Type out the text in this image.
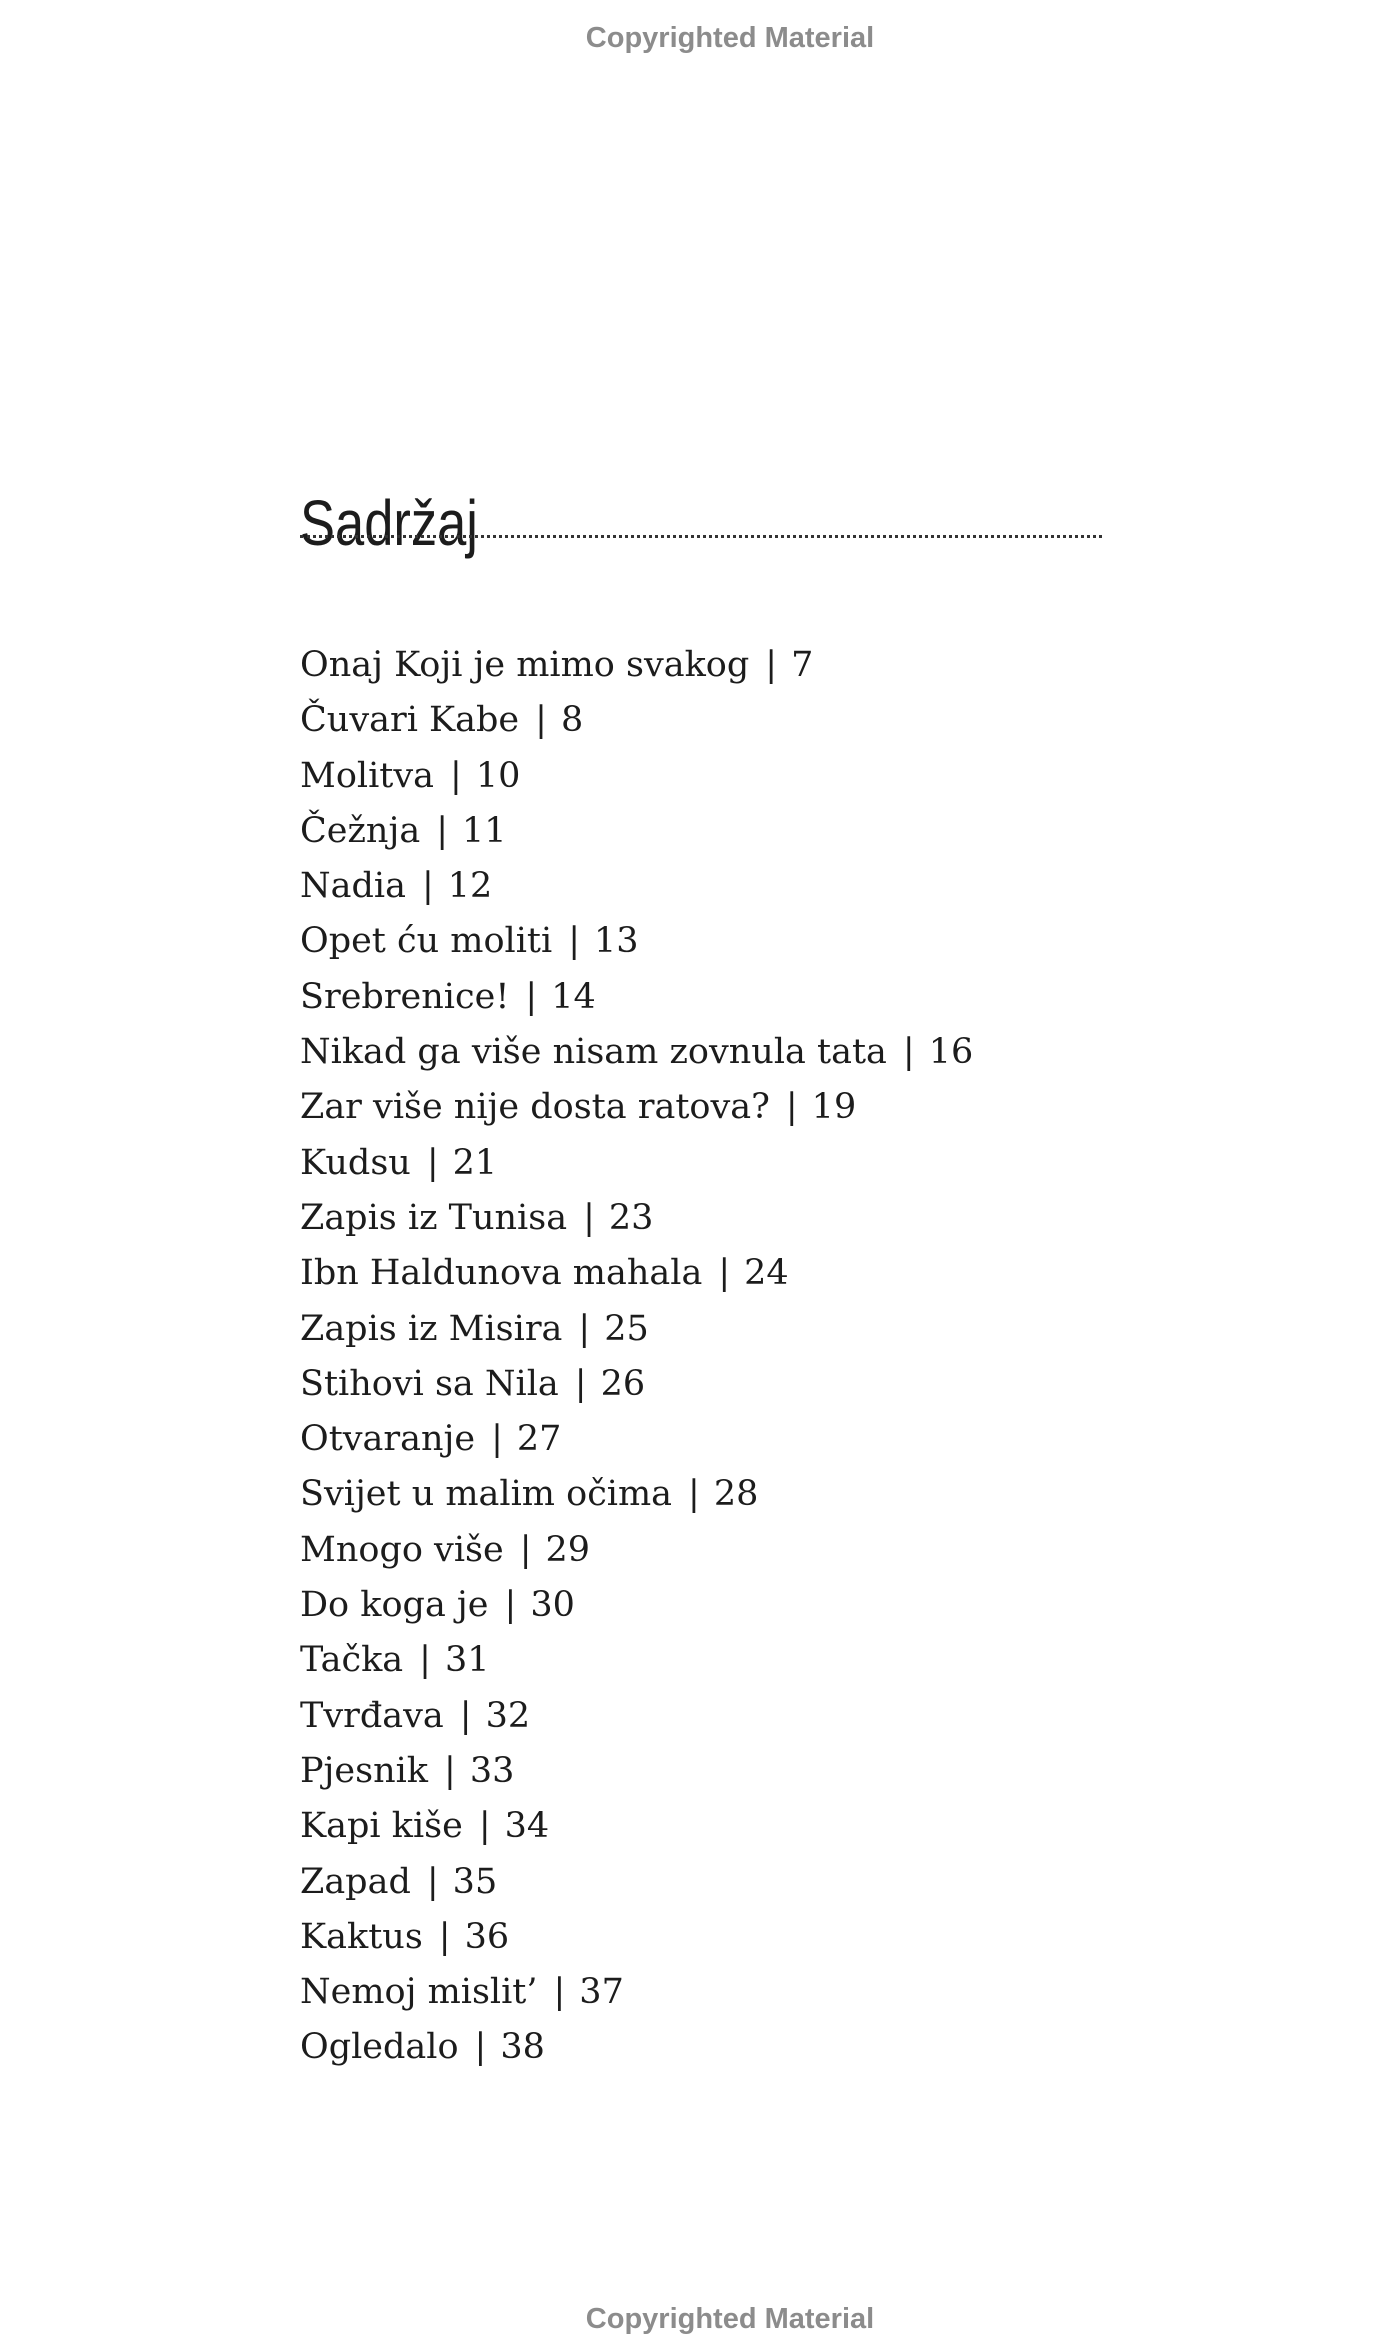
Copyrighted Material
Sadržaj
Onaj Koji je mimo svakog | 7
Čuvari Kabe | 8
Molitva | 10
Čežnja | 11
Nadia | 12
Opet ću moliti | 13
Srebrenice! | 14
Nikad ga više nisam zovnula tata | 16
Zar više nije dosta ratova? | 19
Kudsu | 21
Zapis iz Tunisa | 23
Ibn Haldunova mahala | 24
Zapis iz Misira | 25
Stihovi sa Nila | 26
Otvaranje | 27
Svijet u malim očima | 28
Mnogo više | 29
Do koga je | 30
Tačka | 31
Tvrđava | 32
Pjesnik | 33
Kapi kiše | 34
Zapad | 35
Kaktus | 36
Nemoj mislit’ | 37
Ogledalo | 38
Copyrighted Material
